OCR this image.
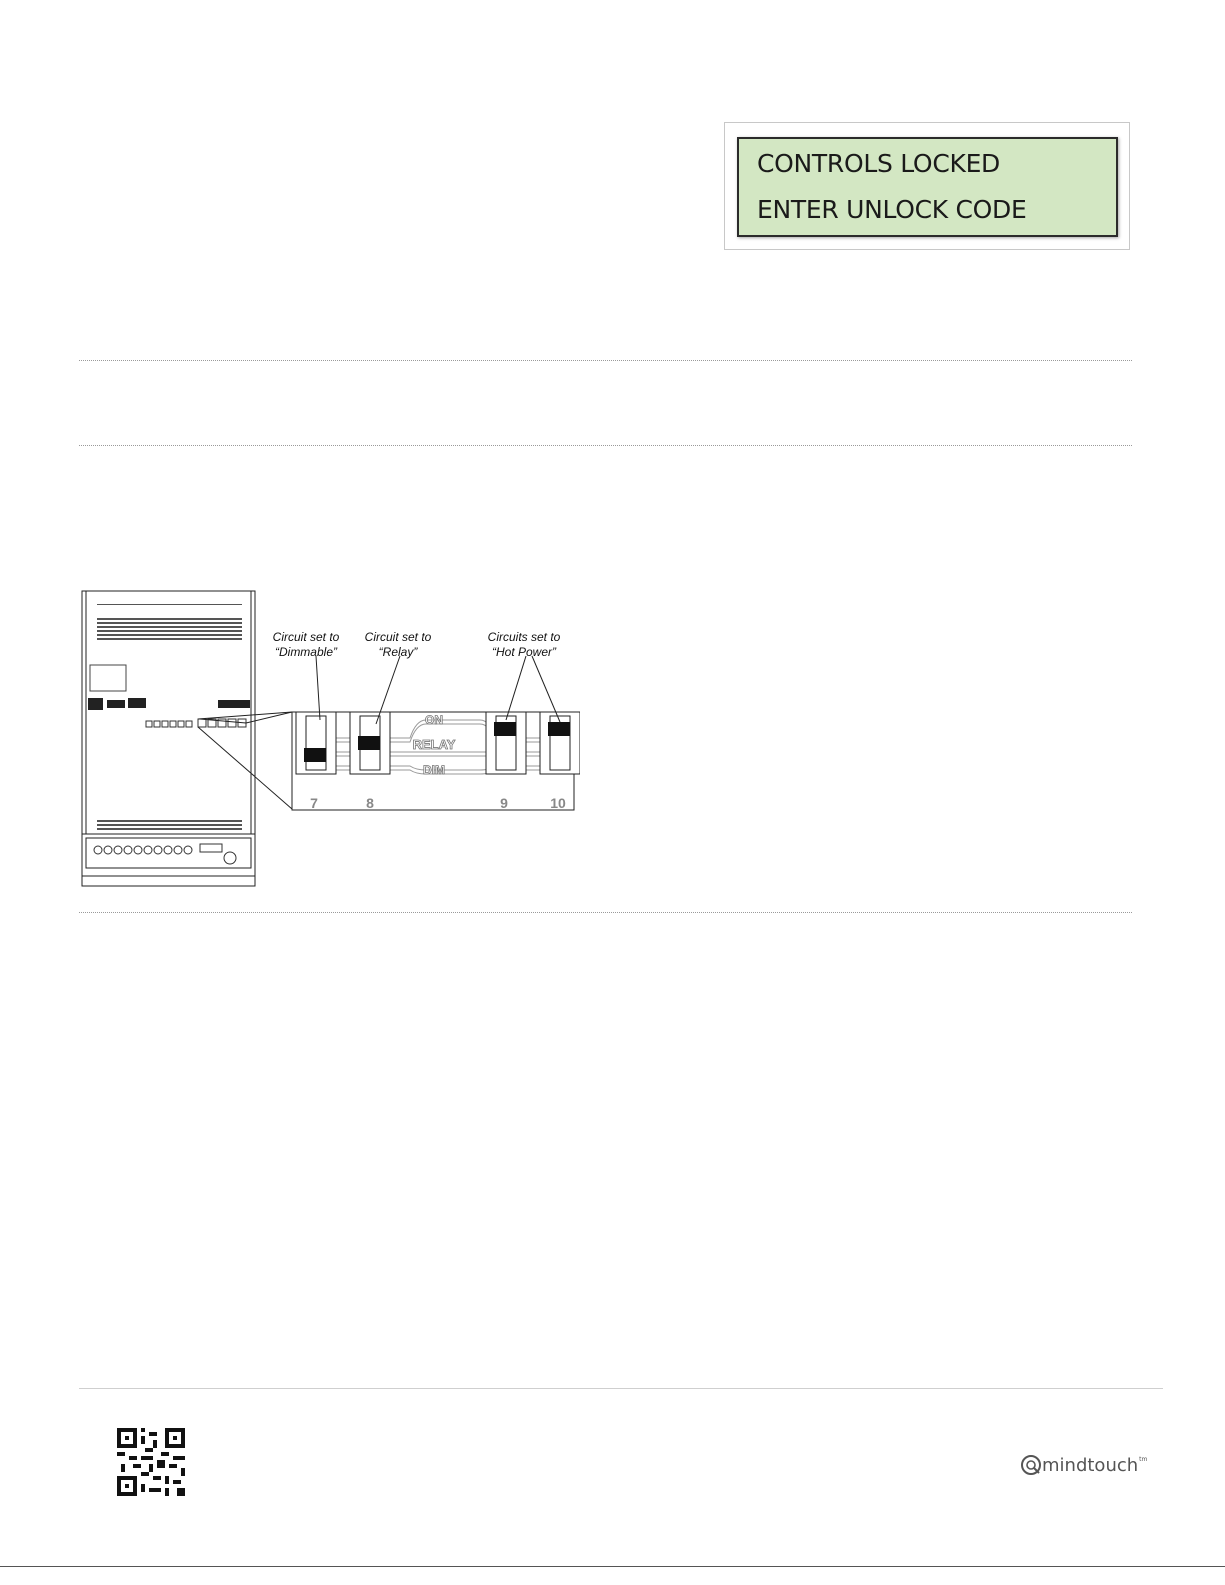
CONTROLS LOCKED
ENTER UNLOCK CODE
ON
RELAY
DIM
7	8	9	10
Circuit set to
“Dimmable”
Circuit set to
“Relay”
Circuits set to
“Hot Power”
mindtouch tm
